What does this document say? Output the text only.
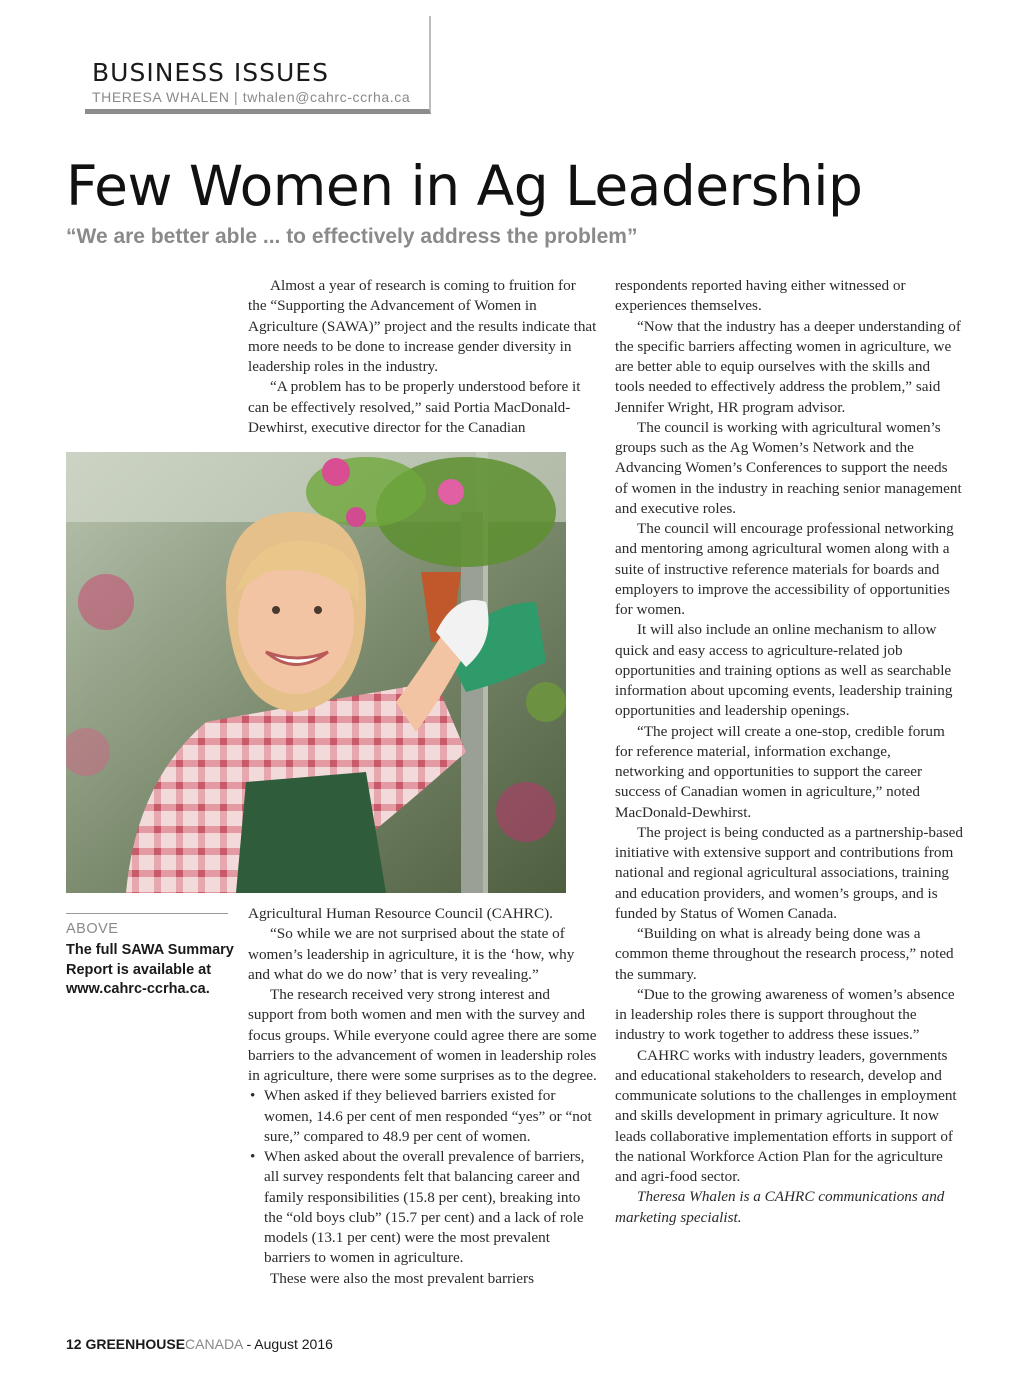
BUSINESS ISSUES
THERESA WHALEN | twhalen@cahrc-ccrha.ca
Few Women in Ag Leadership
“We are better able ... to effectively address the problem”

Almost a year of research is coming to fruition for the “Supporting the Advancement of Women in Agriculture (SAWA)” project and the results indicate that more needs to be done to increase gender diversity in leadership roles in the industry.

“A problem has to be properly understood before it can be effectively resolved,” said Portia MacDonald-Dewhirst, executive director for the Canadian

ABOVE
The full SAWA Summary Report is available at www.cahrc-ccrha.ca.

Agricultural Human Resource Council (CAHRC).

“So while we are not surprised about the state of women’s leadership in agriculture, it is the ‘how, why and what do we do now’ that is very revealing.”

The research received very strong interest and support from both women and men with the survey and focus groups. While everyone could agree there are some barriers to the advancement of women in leadership roles in agriculture, there were some surprises as to the degree.

• When asked if they believed barriers existed for women, 14.6 per cent of men responded “yes” or “not sure,” compared to 48.9 per cent of women.
• When asked about the overall prevalence of barriers, all survey respondents felt that balancing career and family responsibilities (15.8 per cent), breaking into the “old boys club” (15.7 per cent) and a lack of role models (13.1 per cent) were the most prevalent barriers to women in agriculture.

These were also the most prevalent barriers

respondents reported having either witnessed or experiences themselves.

“Now that the industry has a deeper understanding of the specific barriers affecting women in agriculture, we are better able to equip ourselves with the skills and tools needed to effectively address the problem,” said Jennifer Wright, HR program advisor.

The council is working with agricultural women’s groups such as the Ag Women’s Network and the Advancing Women’s Conferences to support the needs of women in the industry in reaching senior management and executive roles.

The council will encourage professional networking and mentoring among agricultural women along with a suite of instructive reference materials for boards and employers to improve the accessibility of opportunities for women.

It will also include an online mechanism to allow quick and easy access to agriculture-related job opportunities and training options as well as searchable information about upcoming events, leadership training opportunities and leadership openings.

“The project will create a one-stop, credible forum for reference material, information exchange, networking and opportunities to support the career success of Canadian women in agriculture,” noted MacDonald-Dewhirst.

The project is being conducted as a partnership-based initiative with extensive support and contributions from national and regional agricultural associations, training and education providers, and women’s groups, and is funded by Status of Women Canada.

“Building on what is already being done was a common theme throughout the research process,” noted the summary.

“Due to the growing awareness of women’s absence in leadership roles there is support throughout the industry to work together to address these issues.”

CAHRC works with industry leaders, governments and educational stakeholders to research, develop and communicate solutions to the challenges in employment and skills development in primary agriculture. It now leads collaborative implementation efforts in support of the national Workforce Action Plan for the agriculture and agri-food sector.

Theresa Whalen is a CAHRC communications and marketing specialist.

12 GREENHOUSECANADA - August 2016
